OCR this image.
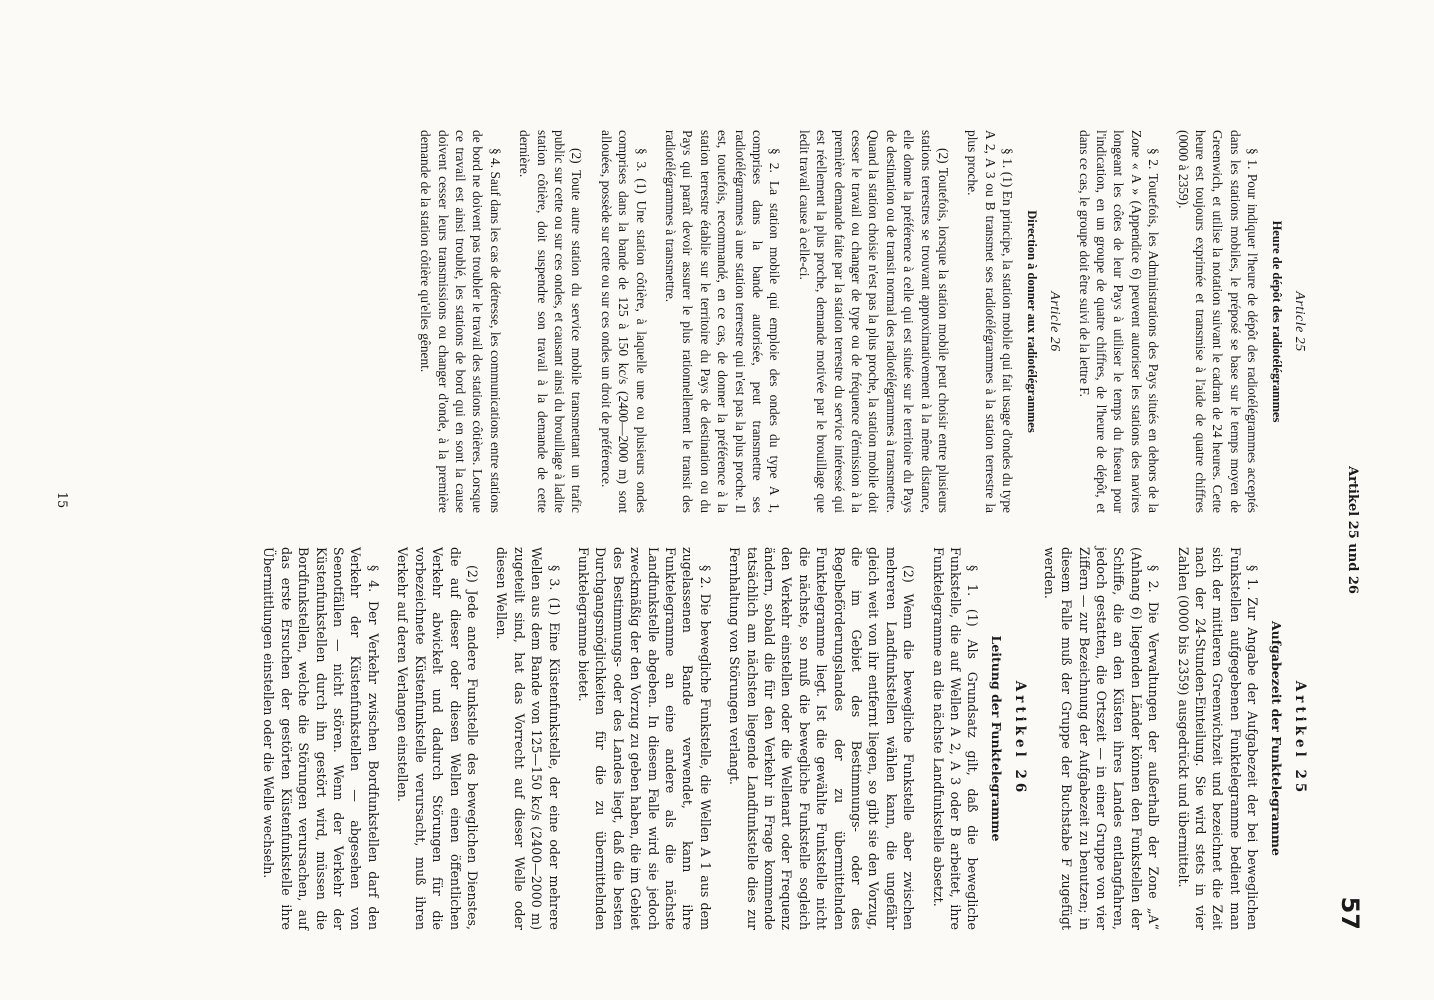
Artikel 25 und 26
57
Artikel 25
Aufgabezeit der Funktelegramme

§ 1. Zur Angabe der Aufgabezeit der bei beweglichen Funkstellen aufgegebenen Funktelegramme bedient man sich der mittleren Greenwichzeit und bezeichnet die Zeit nach der 24-Stunden-Einteilung. Sie wird stets in vier Zahlen (0000 bis 2359) ausgedrückt und übermittelt.

§ 2. Die Verwaltungen der außerhalb der Zone „A“ (Anhang 6) liegenden Länder können den Funkstellen der Schiffe, die an den Küsten ihres Landes entlangfahren, jedoch gestatten, die Ortszeit — in einer Gruppe von vier Ziffern — zur Bezeichnung der Aufgabezeit zu benutzen; in diesem Falle muß der Gruppe der Buchstabe F zugefügt werden.

Artikel 26
Leitung der Funktelegramme

§ 1. (1) Als Grundsatz gilt, daß die bewegliche Funkstelle, die auf Wellen A 2, A 3 oder B arbeitet, ihre Funktelegramme an die nächste Landfunkstelle absetzt.

(2) Wenn die bewegliche Funkstelle aber zwischen mehreren Landfunkstellen wählen kann, die ungefähr gleich weit von ihr entfernt liegen, so gibt sie den Vorzug, die im Gebiet des Bestimmungs- oder des Regelbeförderungslandes der zu übermittelnden Funktelegramme liegt. Ist die gewählte Funkstelle nicht die nächste, so muß die bewegliche Funkstelle sogleich den Verkehr einstellen oder die Wellenart oder Frequenz ändern, sobald die für den Verkehr in Frage kommende tatsächlich am nächsten liegende Landfunkstelle dies zur Fernhaltung von Störungen verlangt.

§ 2. Die bewegliche Funkstelle, die Wellen A 1 aus dem zugelassenen Bande verwendet, kann ihre Funktelegramme an eine andere als die nächste Landfunkstelle abgeben. In diesem Falle wird sie jedoch zweckmäßig der den Vorzug zu geben haben, die im Gebiet des Bestimmungs- oder des Landes liegt, daß die besten Durchgangsmöglichkeiten für die zu übermittelnden Funktelegramme bietet.

§ 3. (1) Eine Küstenfunkstelle, der eine oder mehrere Wellen aus dem Bande von 125—150 kc/s (2400—2000 m) zugeteilt sind, hat das Vorrecht auf dieser Welle oder diesen Wellen.

(2) Jede andere Funkstelle des beweglichen Dienstes, die auf dieser oder diesen Wellen einen öffentlichen Verkehr abwickelt und dadurch Störungen für die vorbezeichnete Küstenfunkstelle verursacht, muß ihren Verkehr auf deren Verlangen einstellen.

§ 4. Der Verkehr zwischen Bordfunkstellen darf den Verkehr der Küstenfunkstellen — abgesehen von Seenotfällen — nicht stören. Wenn der Verkehr der Küstenfunkstellen durch ihn gestört wird, müssen die Bordfunkstellen, welche die Störungen verursachen, auf das erste Ersuchen der gestörten Küstenfunkstelle ihre Übermittlungen einstellen oder die Welle wechseln.

Article 25
Heure de dépôt des radiotélégrammes

§ 1. Pour indiquer l'heure de dépôt des radiotélégrammes acceptés dans les stations mobiles, le préposé se base sur le temps moyen de Greenwich, et utilise la notation suivant le cadran de 24 heures. Cette heure est toujours exprimée et transmise à l'aide de quatre chiffres (0000 à 2359).

§ 2. Toutefois, les Administrations des Pays situés en dehors de la Zone « A » (Appendice 6) peuvent autoriser les stations des navires longeant les côtes de leur Pays à utiliser le temps du fuseau pour l'indication, en un groupe de quatre chiffres, de l'heure de dépôt, et dans ce cas, le groupe doit être suivi de la lettre F.

Article 26
Direction à donner aux radiotélégrammes

§ 1. (1) En principe, la station mobile qui fait usage d'ondes du type A 2, A 3 ou B transmet ses radiotélégrammes à la station terrestre la plus proche.

(2) Toutefois, lorsque la station mobile peut choisir entre plusieurs stations terrestres se trouvant approximativement à la même distance, elle donne la préférence à celle qui est située sur le territoire du Pays de destination ou de transit normal des radiotélégrammes à transmettre. Quand la station choisie n'est pas la plus proche, la station mobile doit cesser le travail ou changer de type ou de fréquence d'émission à la première demande faite par la station terrestre du service intéressé qui est réellement la plus proche, demande motivée par le brouillage que ledit travail cause à celle-ci.

§ 2. La station mobile qui emploie des ondes du type A 1, comprises dans la bande autorisée, peut transmettre ses radiotélégrammes à une station terrestre qui n'est pas la plus proche. Il est, toutefois, recommandé, en ce cas, de donner la préférence à la station terrestre établie sur le territoire du Pays de destination ou du Pays qui paraît devoir assurer le plus rationnellement le transit des radiotélégrammes à transmettre.

§ 3. (1) Une station côtière, à laquelle une ou plusieurs ondes comprises dans la bande de 125 à 150 kc/s (2400—2000 m) sont allouées, possède sur cette ou sur ces ondes un droit de préférence.

(2) Toute autre station du service mobile transmettant un trafic public sur cette ou sur ces ondes, et causant ainsi du brouillage à ladite station côtière, doit suspendre son travail à la demande de cette dernière.

§ 4. Sauf dans les cas de détresse, les communications entre stations de bord ne doivent pas troubler le travail des stations côtières. Lorsque ce travail est ainsi troublé, les stations de bord qui en sont la cause doivent cesser leurs transmissions ou changer d'onde, à la première demande de la station côtière qu'elles gênent.

15
